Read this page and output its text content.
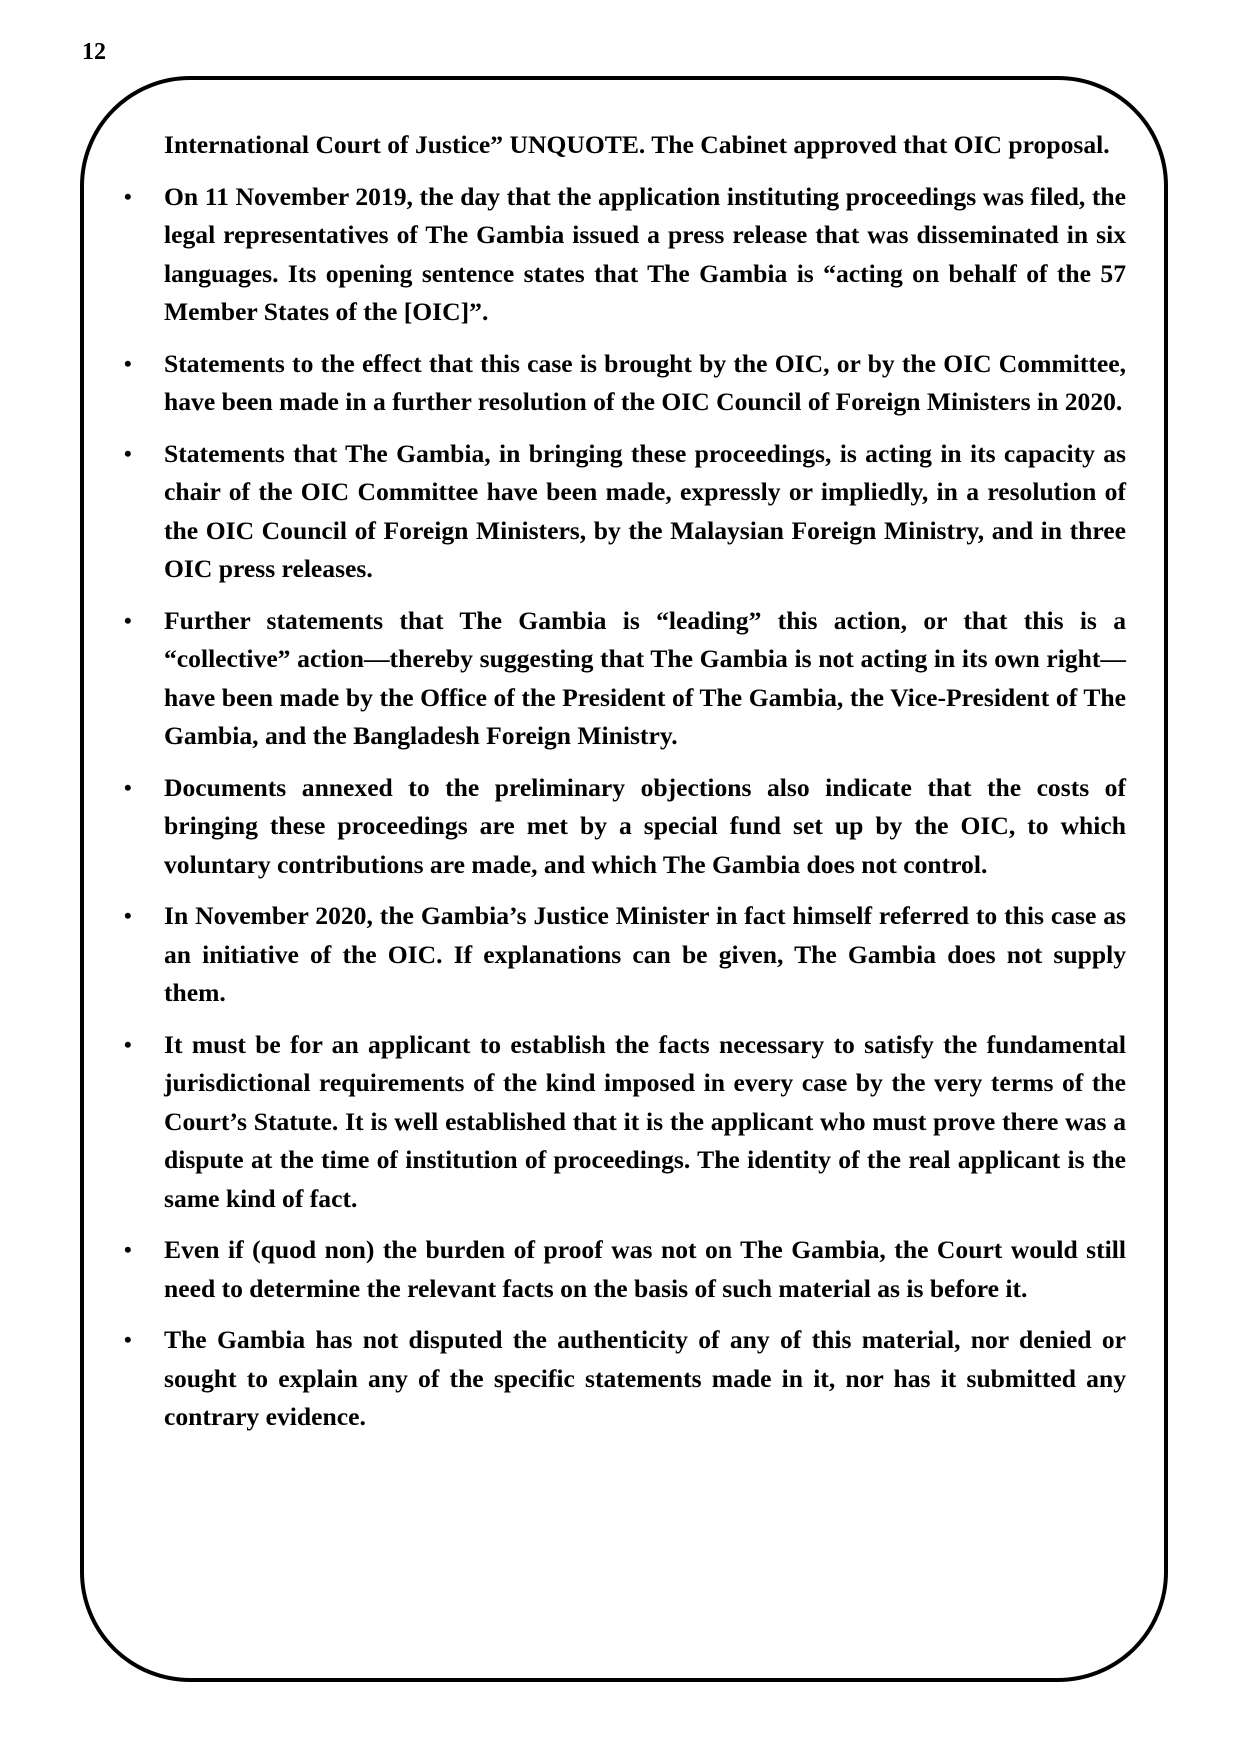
12

International Court of Justice” UNQUOTE. The Cabinet approved that OIC proposal.

• On 11 November 2019, the day that the application instituting proceedings was filed, the legal representatives of The Gambia issued a press release that was disseminated in six languages. Its opening sentence states that The Gambia is “acting on behalf of the 57 Member States of the [OIC]”.
• Statements to the effect that this case is brought by the OIC, or by the OIC Committee, have been made in a further resolution of the OIC Council of Foreign Ministers in 2020.
• Statements that The Gambia, in bringing these proceedings, is acting in its capacity as chair of the OIC Committee have been made, expressly or impliedly, in a resolution of the OIC Council of Foreign Ministers, by the Malaysian Foreign Ministry, and in three OIC press releases.
• Further statements that The Gambia is “leading” this action, or that this is a “collective” action—thereby suggesting that The Gambia is not acting in its own right—have been made by the Office of the President of The Gambia, the Vice-President of The Gambia, and the Bangladesh Foreign Ministry.
• Documents annexed to the preliminary objections also indicate that the costs of bringing these proceedings are met by a special fund set up by the OIC, to which voluntary contributions are made, and which The Gambia does not control.
• In November 2020, the Gambia’s Justice Minister in fact himself referred to this case as an initiative of the OIC. If explanations can be given, The Gambia does not supply them.
• It must be for an applicant to establish the facts necessary to satisfy the fundamental jurisdictional requirements of the kind imposed in every case by the very terms of the Court’s Statute. It is well established that it is the applicant who must prove there was a dispute at the time of institution of proceedings. The identity of the real applicant is the same kind of fact.
• Even if (quod non) the burden of proof was not on The Gambia, the Court would still need to determine the relevant facts on the basis of such material as is before it.
• The Gambia has not disputed the authenticity of any of this material, nor denied or sought to explain any of the specific statements made in it, nor has it submitted any contrary evidence.
